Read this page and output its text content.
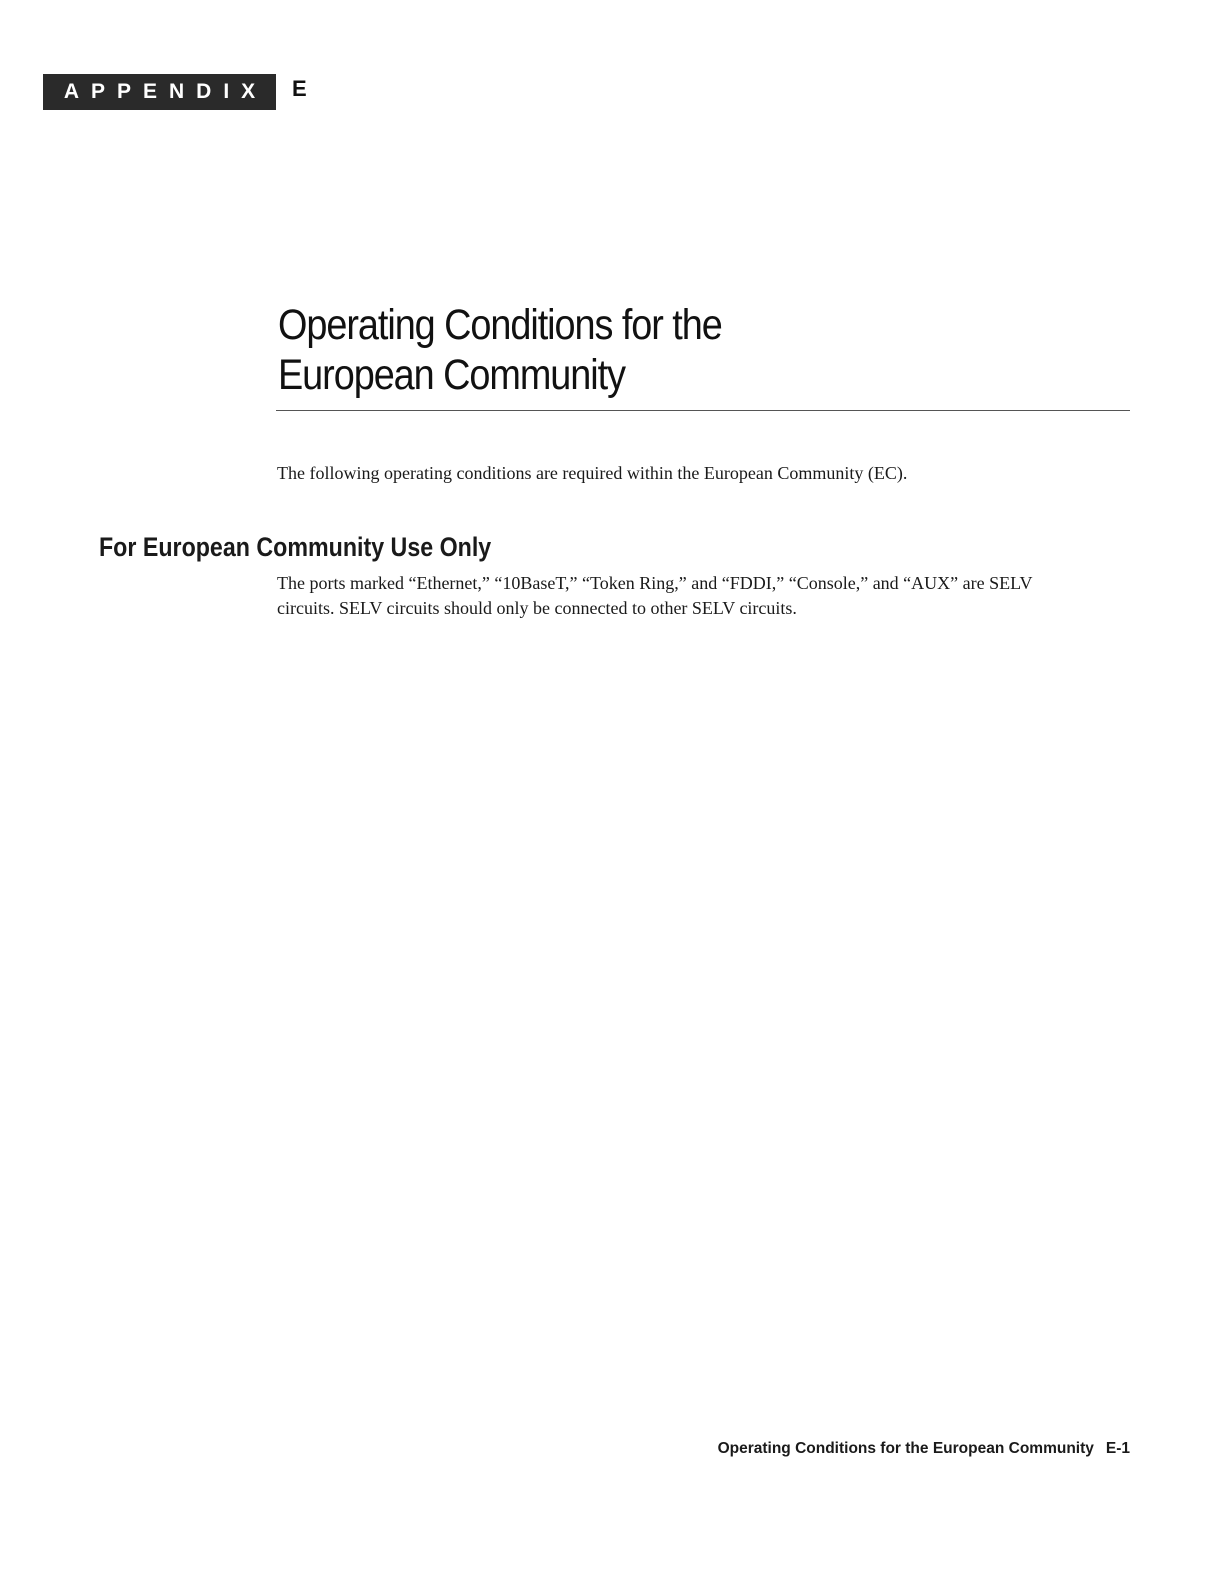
APPENDIX E
Operating Conditions for the
European Community

The following operating conditions are required within the European Community (EC).

For European Community Use Only

The ports marked “Ethernet,” “10BaseT,” “Token Ring,” and “FDDI,” “Console,” and “AUX” are SELV circuits. SELV circuits should only be connected to other SELV circuits.

Operating Conditions for the European Community E-1
